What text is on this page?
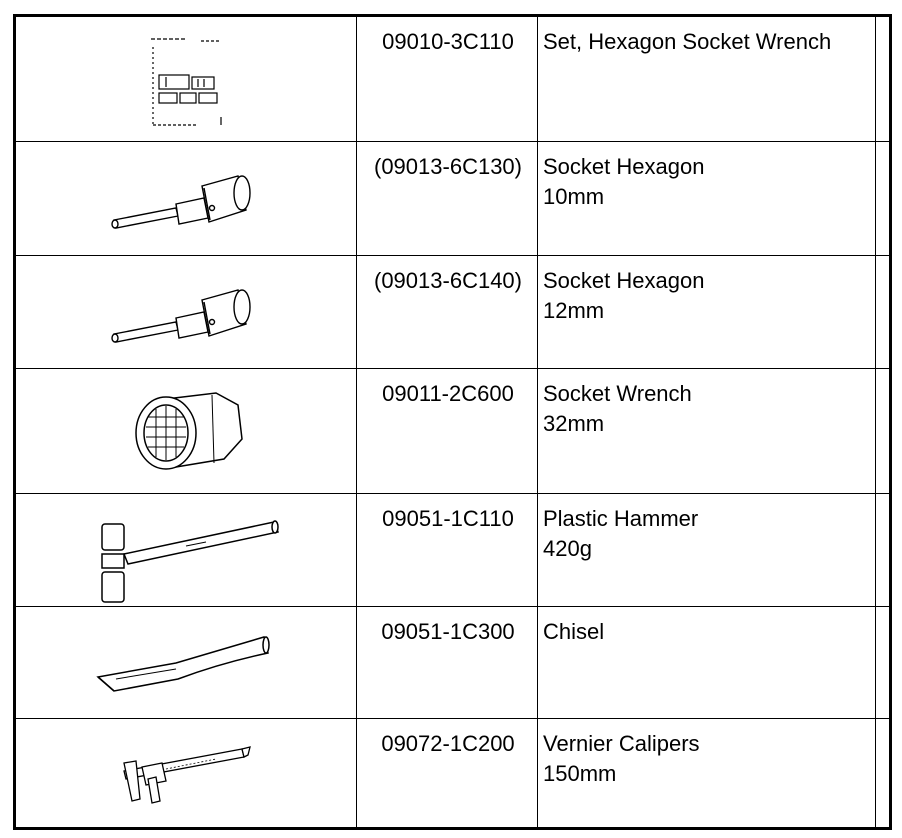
09010-3C110	Set, Hexagon Socket Wrench
(09013-6C130) Socket Hexagon
10mm
(09013-6C140) Socket Hexagon
12mm
09011-2C600	Socket Wrench
32mm
09051-1C110	Plastic Hammer
420g
09051-1C300	Chisel
09072-1C200	Vernier Calipers
150mm
